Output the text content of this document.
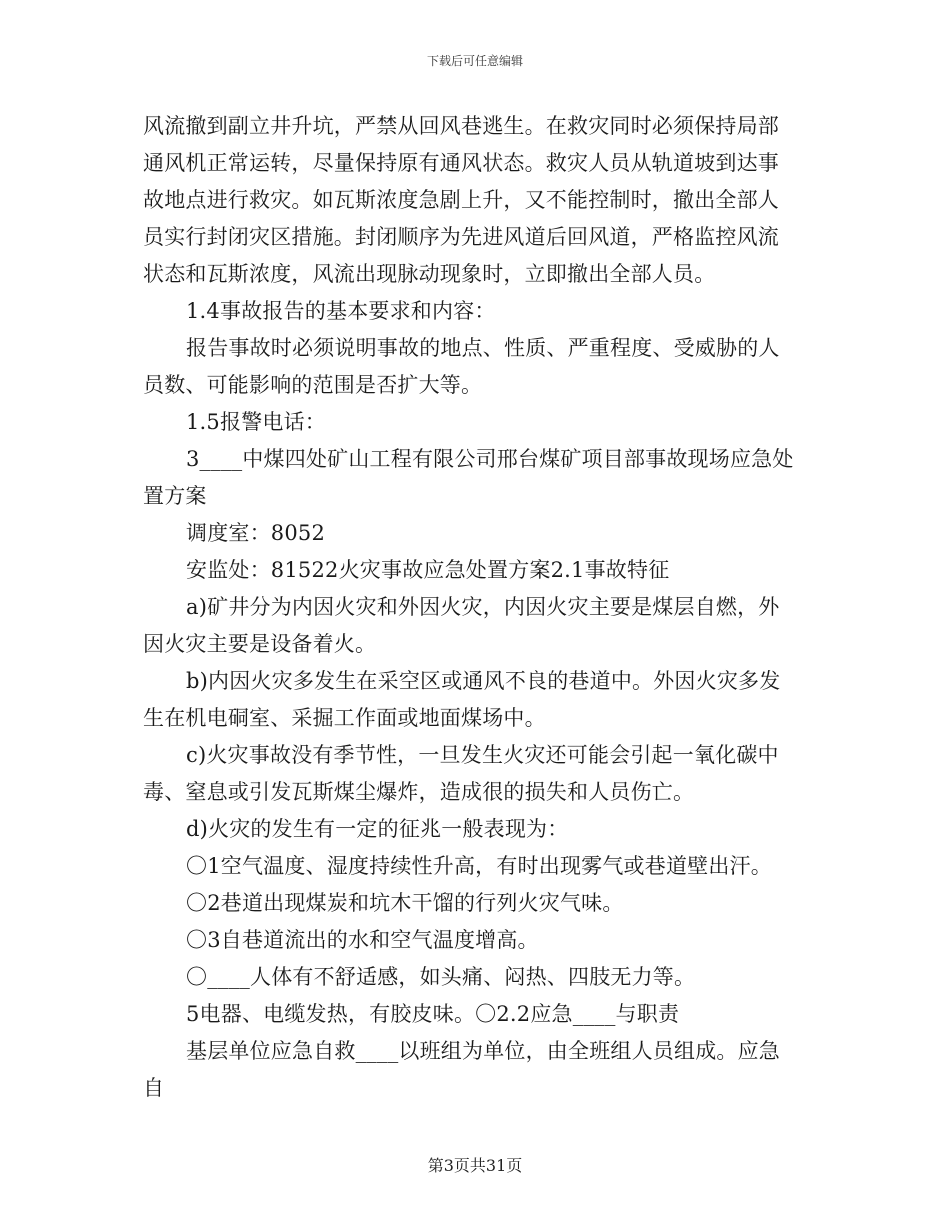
下载后可任意编辑
风流撤到副立井升坑，严禁从回风巷逃生。在救灾同时必须保持局部
通风机正常运转，尽量保持原有通风状态。救灾人员从轨道坡到达事
故地点进行救灾。如瓦斯浓度急剧上升，又不能控制时，撤出全部人
员实行封闭灾区措施。封闭顺序为先进风道后回风道，严格监控风流
状态和瓦斯浓度，风流出现脉动现象时，立即撤出全部人员。
1.4事故报告的基本要求和内容：
报告事故时必须说明事故的地点、性质、严重程度、受威胁的人
员数、可能影响的范围是否扩大等。
1.5报警电话：
3____中煤四处矿山工程有限公司邢台煤矿项目部事故现场应急处
置方案
调度室：8052
安监处：81522火灾事故应急处置方案2.1事故特征
a)矿井分为内因火灾和外因火灾，内因火灾主要是煤层自燃，外
因火灾主要是设备着火。
b)内因火灾多发生在采空区或通风不良的巷道中。外因火灾多发
生在机电硐室、采掘工作面或地面煤场中。
c)火灾事故没有季节性，一旦发生火灾还可能会引起一氧化碳中
毒、窒息或引发瓦斯煤尘爆炸，造成很的损失和人员伤亡。
d)火灾的发生有一定的征兆一般表现为：
〇1空气温度、湿度持续性升高，有时出现雾气或巷道壁出汗。
〇2巷道出现煤炭和坑木干馏的行列火灾气味。
〇3自巷道流出的水和空气温度增高。
〇____人体有不舒适感，如头痛、闷热、四肢无力等。
5电器、电缆发热，有胶皮味。〇2.2应急____与职责
基层单位应急自救____以班组为单位，由全班组人员组成。应急
自
第3页共31页
